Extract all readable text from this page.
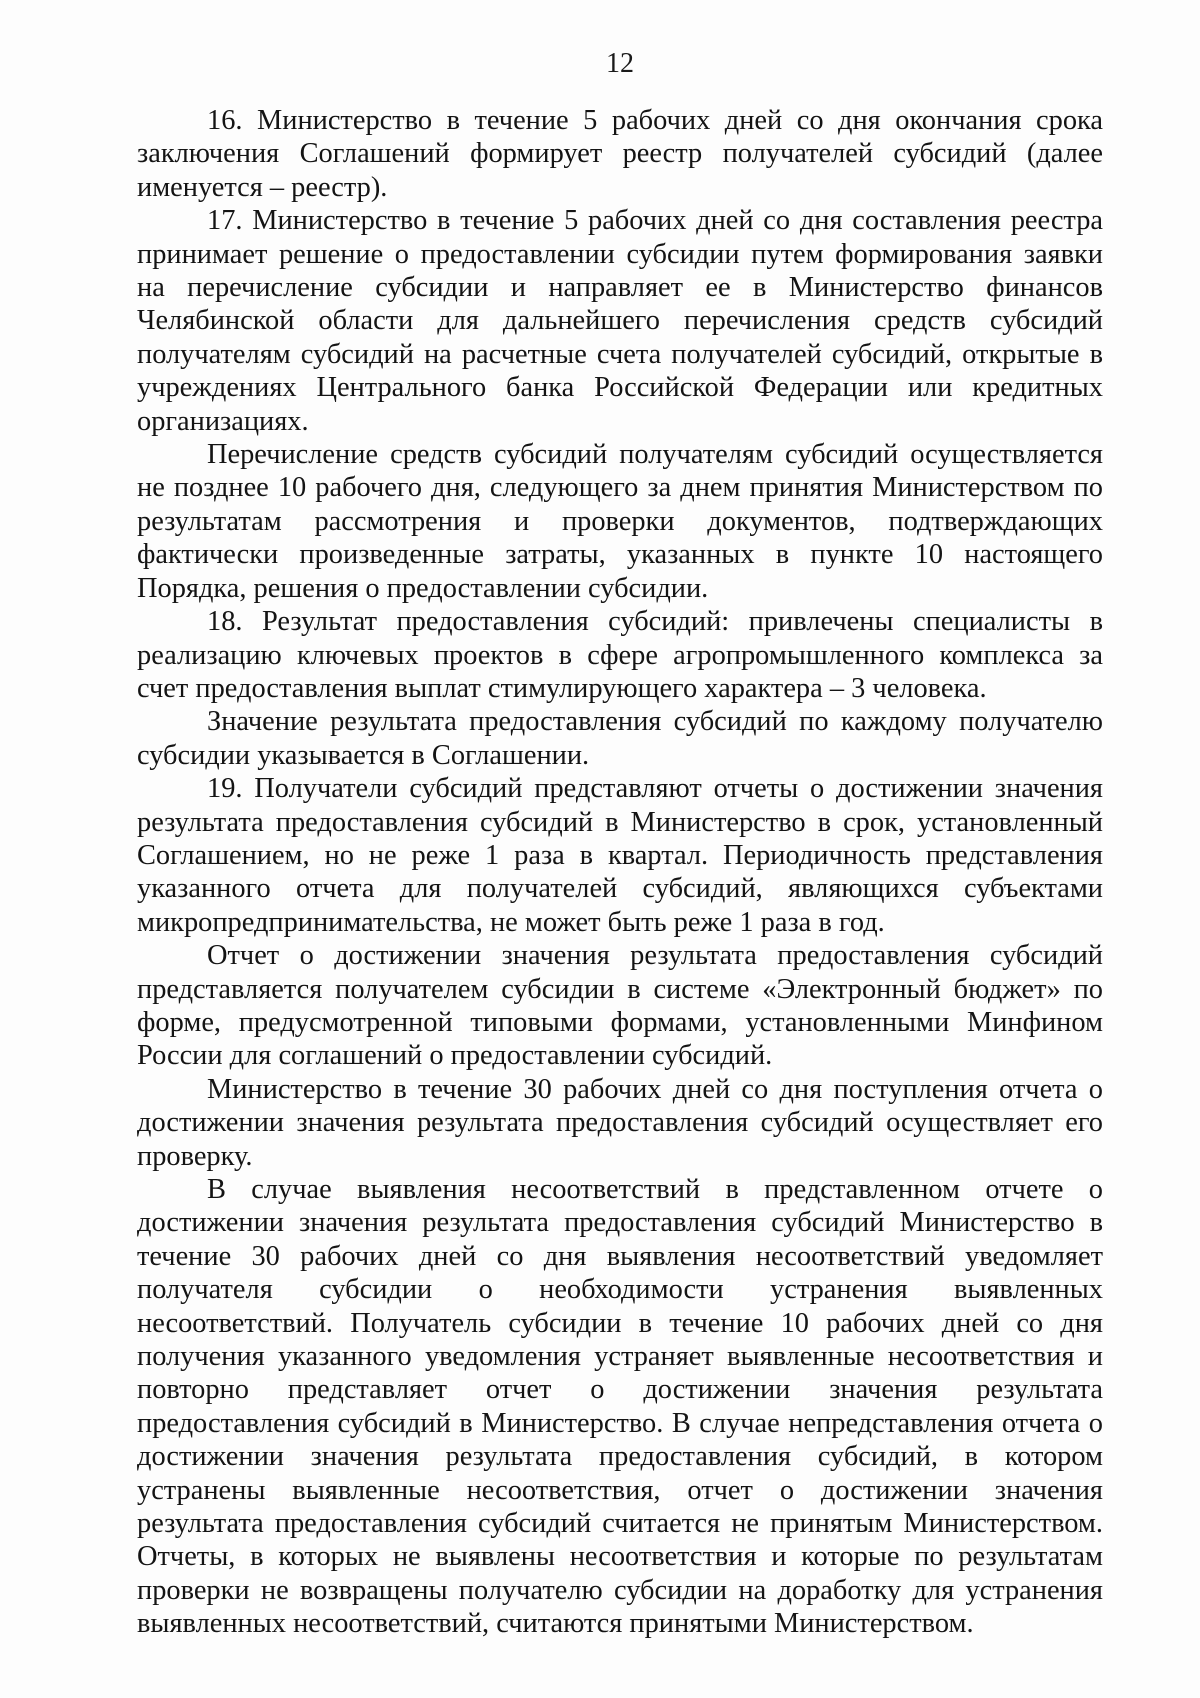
12

16. Министерство в течение 5 рабочих дней со дня окончания срока заключения Соглашений формирует реестр получателей субсидий (далее именуется – реестр).

17. Министерство в течение 5 рабочих дней со дня составления реестра принимает решение о предоставлении субсидии путем формирования заявки на перечисление субсидии и направляет ее в Министерство финансов Челябинской области для дальнейшего перечисления средств субсидий получателям субсидий на расчетные счета получателей субсидий, открытые в учреждениях Центрального банка Российской Федерации или кредитных организациях.

Перечисление средств субсидий получателям субсидий осуществляется не позднее 10 рабочего дня, следующего за днем принятия Министерством по результатам рассмотрения и проверки документов, подтверждающих фактически произведенные затраты, указанных в пункте 10 настоящего Порядка, решения о предоставлении субсидии.

18. Результат предоставления субсидий: привлечены специалисты в реализацию ключевых проектов в сфере агропромышленного комплекса за счет предоставления выплат стимулирующего характера – 3 человека.

Значение результата предоставления субсидий по каждому получателю субсидии указывается в Соглашении.

19. Получатели субсидий представляют отчеты о достижении значения результата предоставления субсидий в Министерство в срок, установленный Соглашением, но не реже 1 раза в квартал. Периодичность представления указанного отчета для получателей субсидий, являющихся субъектами микропредпринимательства, не может быть реже 1 раза в год.

Отчет о достижении значения результата предоставления субсидий представляется получателем субсидии в системе «Электронный бюджет» по форме, предусмотренной типовыми формами, установленными Минфином России для соглашений о предоставлении субсидий.

Министерство в течение 30 рабочих дней со дня поступления отчета о достижении значения результата предоставления субсидий осуществляет его проверку.

В случае выявления несоответствий в представленном отчете о достижении значения результата предоставления субсидий Министерство в течение 30 рабочих дней со дня выявления несоответствий уведомляет получателя субсидии о необходимости устранения выявленных несоответствий. Получатель субсидии в течение 10 рабочих дней со дня получения указанного уведомления устраняет выявленные несоответствия и повторно представляет отчет о достижении значения результата предоставления субсидий в Министерство. В случае непредставления отчета о достижении значения результата предоставления субсидий, в котором устранены выявленные несоответствия, отчет о достижении значения результата предоставления субсидий считается не принятым Министерством. Отчеты, в которых не выявлены несоответствия и которые по результатам проверки не возвращены получателю субсидии на доработку для устранения выявленных несоответствий, считаются принятыми Министерством.
